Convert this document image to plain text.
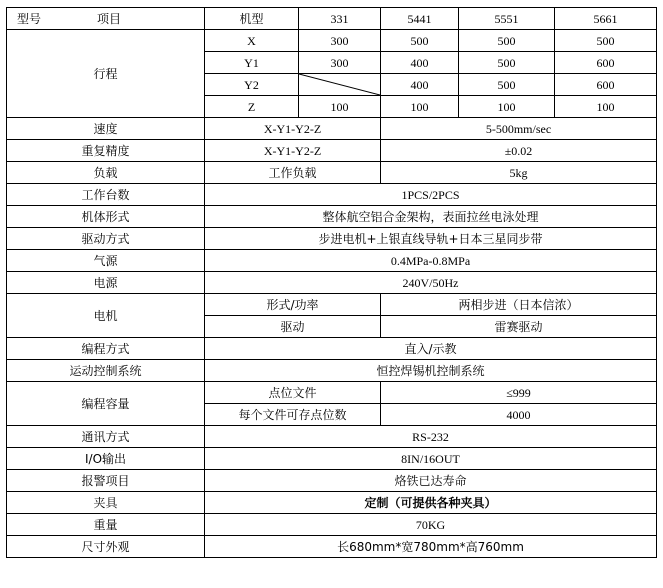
型号 项目	机型	331	5441	5551	5661
行程	X	300	500	500	500
	Y1	300	400	500	600
	Y2		400	500	600
	Z	100	100	100	100
速度	X-Y1-Y2-Z		5-500mm/sec		
重复精度	X-Y1-Y2-Z		±0.02		
负载	工作负载		5kg		
工作台数	1PCS/2PCS				
机体形式	整体航空铝合金架构，表面拉丝电泳处理				
驱动方式	步进电机+上银直线导轨+日本三星同步带				
气源	0.4MPa-0.8MPa				
电源	240V/50Hz				
电机	形式/功率		两相步进（日本信浓）		
	驱动		雷赛驱动		
编程方式	直入/示教				
运动控制系统	恒控焊锡机控制系统				
编程容量	点位文件		≤999		
	每个文件可存点位数		4000		
通讯方式	RS-232				
I/O输出	8IN/16OUT				
报警项目	烙铁已达寿命				
夹具	定制（可提供各种夹具）				
重量	70KG				
尺寸外观	长680mm*宽780mm*高760mm				
